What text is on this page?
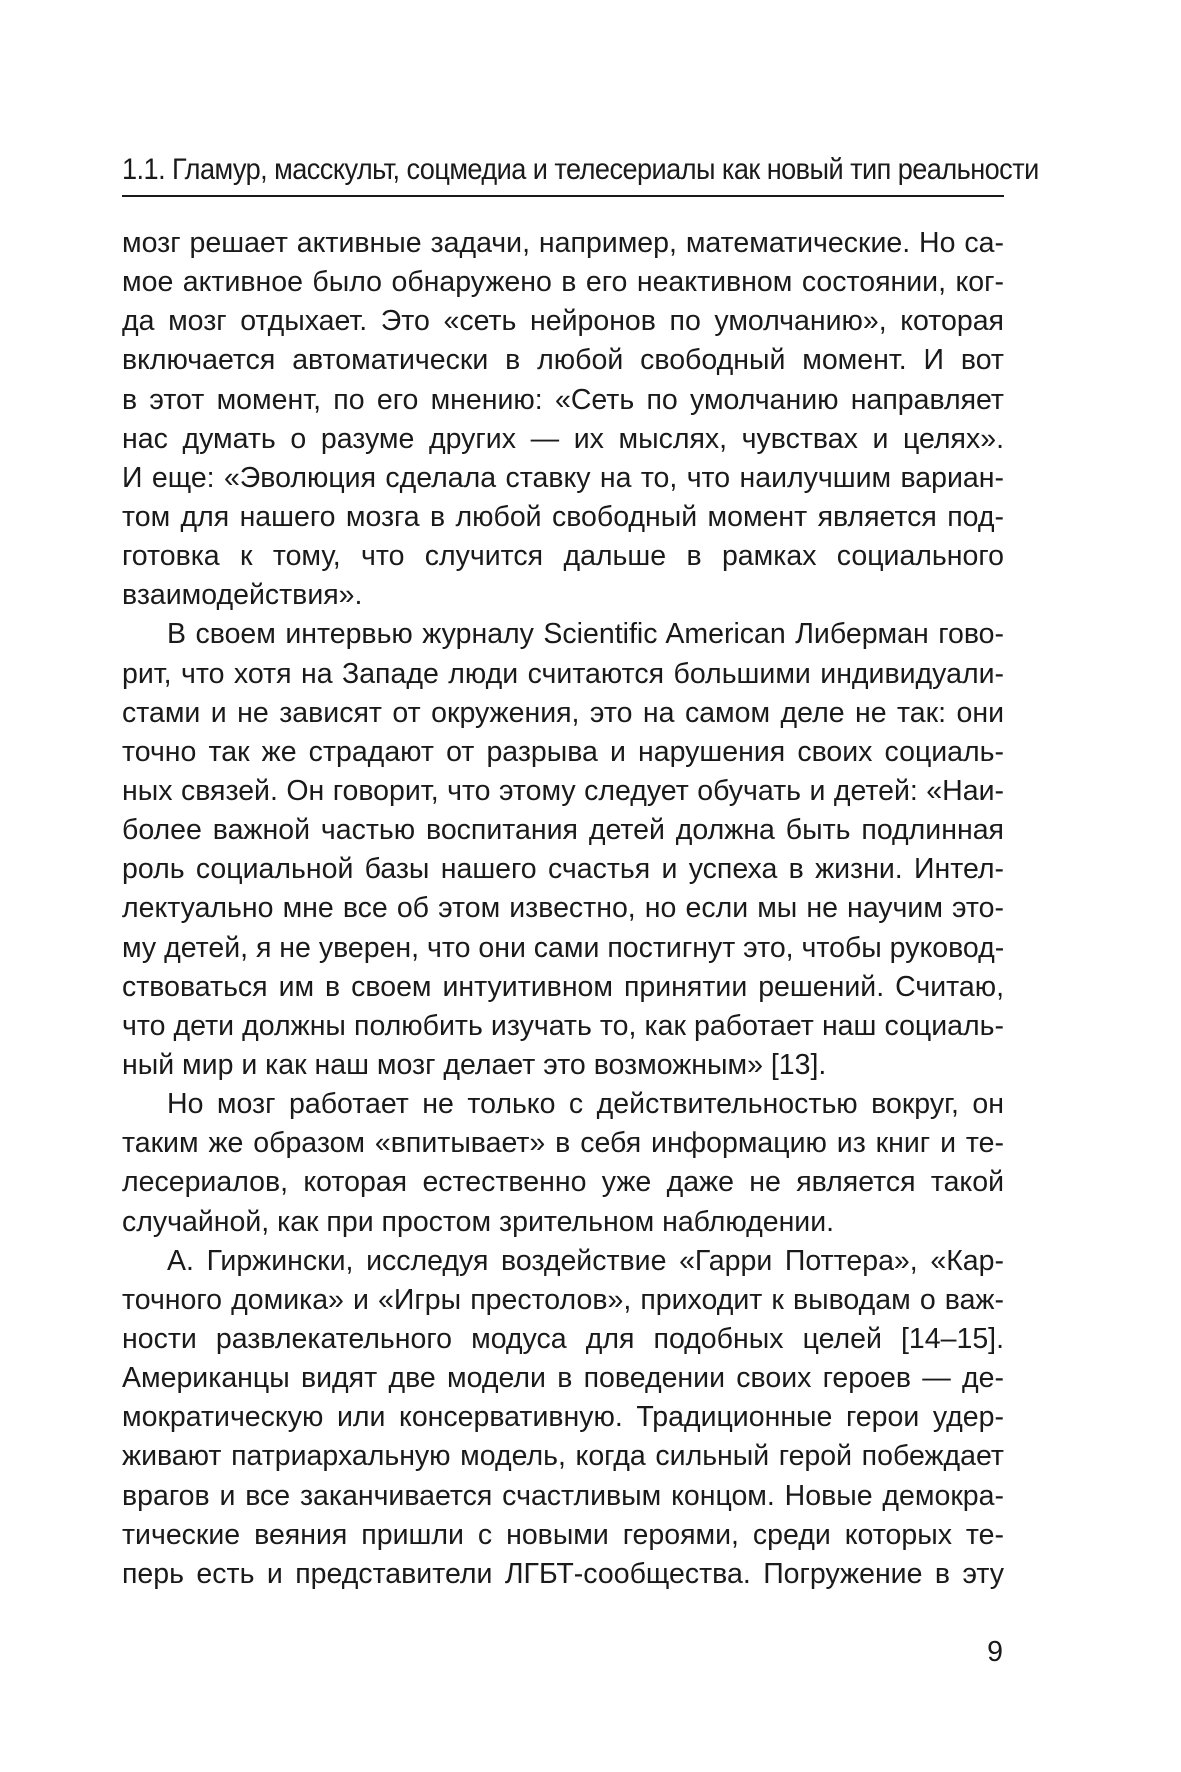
1.1. Гламур, масскульт, соцмедиа и телесериалы как новый тип реальности
мозг решает активные задачи, например, математические. Но са-
мое активное было обнаружено в его неактивном состоянии, ког-
да мозг отдыхает. Это «сеть нейронов по умолчанию», которая
включается автоматически в любой свободный момент. И вот
в этот момент, по его мнению: «Сеть по умолчанию направляет
нас думать о разуме других — их мыслях, чувствах и целях».
И еще: «Эволюция сделала ставку на то, что наилучшим вариан-
том для нашего мозга в любой свободный момент является под-
готовка к тому, что случится дальше в рамках социального
взаимодействия».
В своем интервью журналу Scientific American Либерман гово-
рит, что хотя на Западе люди считаются большими индивидуали-
стами и не зависят от окружения, это на самом деле не так: они
точно так же страдают от разрыва и нарушения своих социаль-
ных связей. Он говорит, что этому следует обучать и детей: «Наи-
более важной частью воспитания детей должна быть подлинная
роль социальной базы нашего счастья и успеха в жизни. Интел-
лектуально мне все об этом известно, но если мы не научим это-
му детей, я не уверен, что они сами постигнут это, чтобы руковод-
ствоваться им в своем интуитивном принятии решений. Считаю,
что дети должны полюбить изучать то, как работает наш социаль-
ный мир и как наш мозг делает это возможным» [13].
Но мозг работает не только с действительностью вокруг, он
таким же образом «впитывает» в себя информацию из книг и те-
лесериалов, которая естественно уже даже не является такой
случайной, как при простом зрительном наблюдении.
А. Гиржински, исследуя воздействие «Гарри Поттера», «Кар-
точного домика» и «Игры престолов», приходит к выводам о важ-
ности развлекательного модуса для подобных целей [14–15].
Американцы видят две модели в поведении своих героев — де-
мократическую или консервативную. Традиционные герои удер-
живают патриархальную модель, когда сильный герой побеждает
врагов и все заканчивается счастливым концом. Новые демокра-
тические веяния пришли с новыми героями, среди которых те-
перь есть и представители ЛГБТ-сообщества. Погружение в эту
9
